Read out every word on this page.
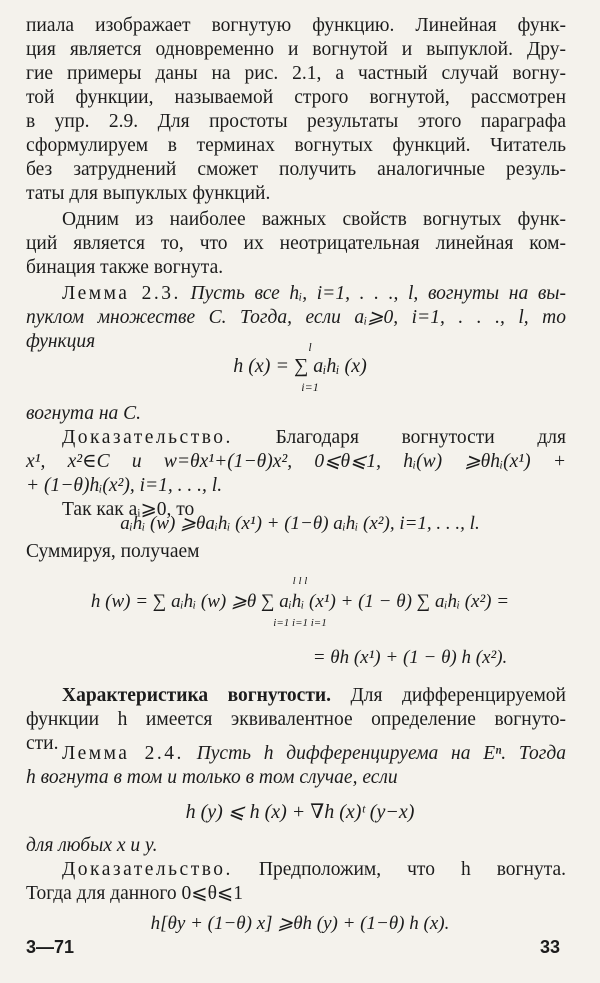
пиала изображает вогнутую функцию. Линейная функ-

ция является одновременно и вогнутой и выпуклой. Дру-

гие примеры даны на рис. 2.1, а частный случай вогну-

той функции, называемой строго вогнутой, рассмотрен

в упр. 2.9. Для простоты результаты этого параграфа

сформулируем в терминах вогнутых функций. Читатель

без затруднений сможет получить аналогичные резуль-

таты для выпуклых функций.

Одним из наиболее важных свойств вогнутых функ-

ций является то, что их неотрицательная линейная ком-

бинация также вогнута.

Лемма 2.3. Пусть все hᵢ, i=1, . . ., l, вогнуты на вы-

пуклом множестве C. Тогда, если aᵢ⩾0, i=1, . . ., l, то

функция	l
h (x) = ∑ aᵢhᵢ (x)
i=1

вогнута на C.

Доказательство. Благодаря вогнутости для

x¹, x²∈C и w=θx¹+(1−θ)x², 0⩽θ⩽1, hᵢ(w) ⩾θhᵢ(x¹) +

+ (1−θ)hᵢ(x²), i=1, . . ., l.

Так как aᵢ⩾0, то

aᵢhᵢ (w) ⩾θaᵢhᵢ (x¹) + (1−θ) aᵢhᵢ (x²), i=1, . . ., l.

Суммируя, получаем

l l l
h (w) = ∑ aᵢhᵢ (w) ⩾θ ∑ aᵢhᵢ (x¹) + (1 − θ) ∑ aᵢhᵢ (x²) =
i=1 i=1 i=1
= θh (x¹) + (1 − θ) h (x²).

Характеристика вогнутости. Для дифференцируемой

функции h имеется эквивалентное определение вогнуто-

сти. Лемма 2.4. Пусть h дифференцируема на Eⁿ. Тогда

h вогнута в том и только в том случае, если

h (y) ⩽ h (x) + ∇h (x)ᵗ (y−x)

для любых x и y.

Доказательство. Предположим, что h вогнута.

Тогда для данного 0⩽θ⩽1

h[θy + (1−θ) x] ⩾θh (y) + (1−θ) h (x).
3—71	33
